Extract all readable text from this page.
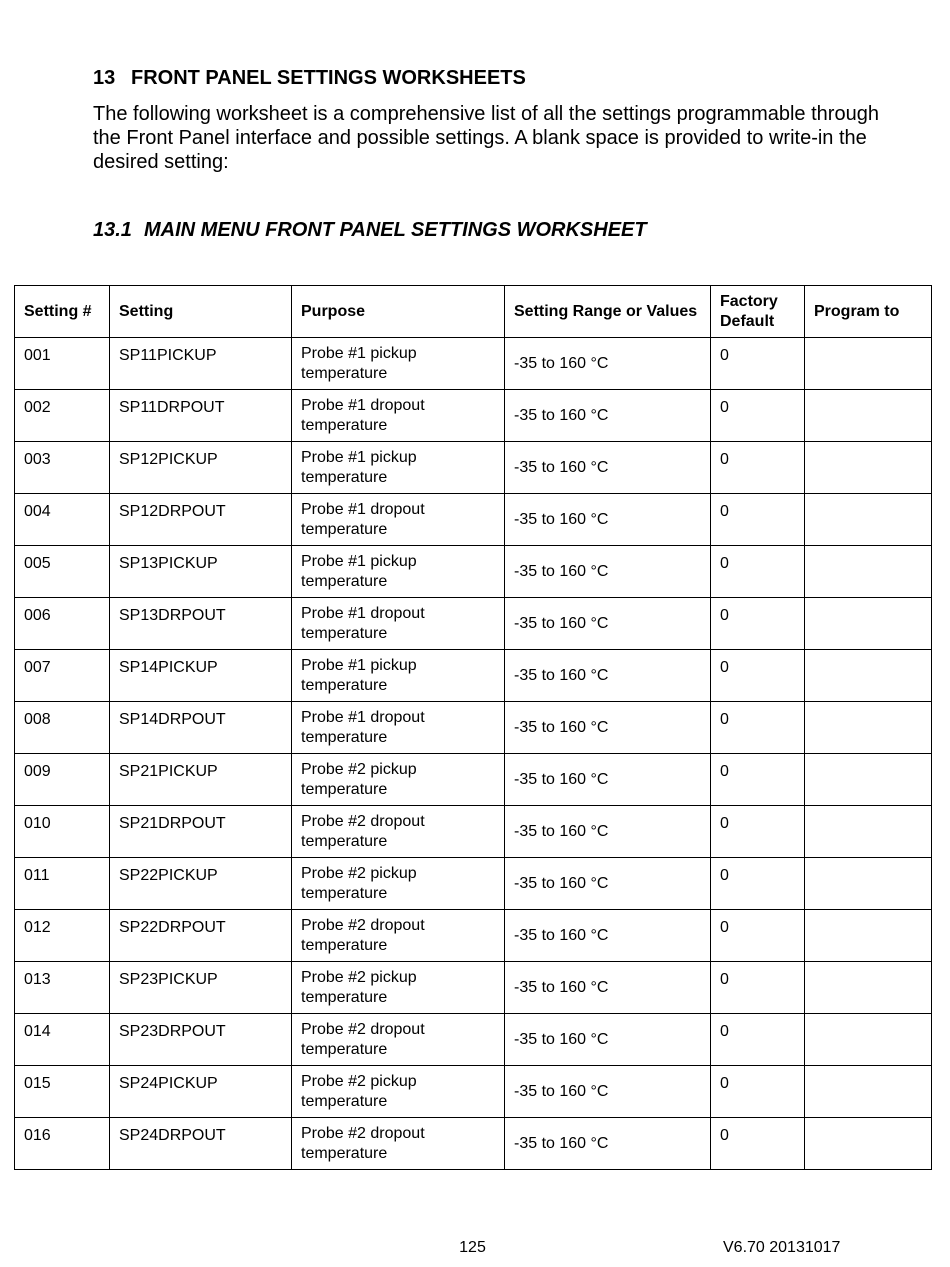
13 FRONT PANEL SETTINGS WORKSHEETS

The following worksheet is a comprehensive list of all the settings programmable through the Front Panel interface and possible settings. A blank space is provided to write-in the desired setting:

13.1 MAIN MENU FRONT PANEL SETTINGS WORKSHEET
Setting #	Setting	Purpose	Setting Range or Values	Factory Default	Program to
001	SP11PICKUP	Probe #1 pickup temperature	-35 to 160 °C	0	
002	SP11DRPOUT	Probe #1 dropout temperature	-35 to 160 °C	0	
003	SP12PICKUP	Probe #1 pickup temperature	-35 to 160 °C	0	
004	SP12DRPOUT	Probe #1 dropout temperature	-35 to 160 °C	0	
005	SP13PICKUP	Probe #1 pickup temperature	-35 to 160 °C	0	
006	SP13DRPOUT	Probe #1 dropout temperature	-35 to 160 °C	0	
007	SP14PICKUP	Probe #1 pickup temperature	-35 to 160 °C	0	
008	SP14DRPOUT	Probe #1 dropout temperature	-35 to 160 °C	0	
009	SP21PICKUP	Probe #2 pickup temperature	-35 to 160 °C	0	
010	SP21DRPOUT	Probe #2 dropout temperature	-35 to 160 °C	0	
011	SP22PICKUP	Probe #2 pickup temperature	-35 to 160 °C	0	
012	SP22DRPOUT	Probe #2 dropout temperature	-35 to 160 °C	0	
013	SP23PICKUP	Probe #2 pickup temperature	-35 to 160 °C	0	
014	SP23DRPOUT	Probe #2 dropout temperature	-35 to 160 °C	0	
015	SP24PICKUP	Probe #2 pickup temperature	-35 to 160 °C	0	
016	SP24DRPOUT	Probe #2 dropout temperature	-35 to 160 °C	0	
125	V6.70 20131017
